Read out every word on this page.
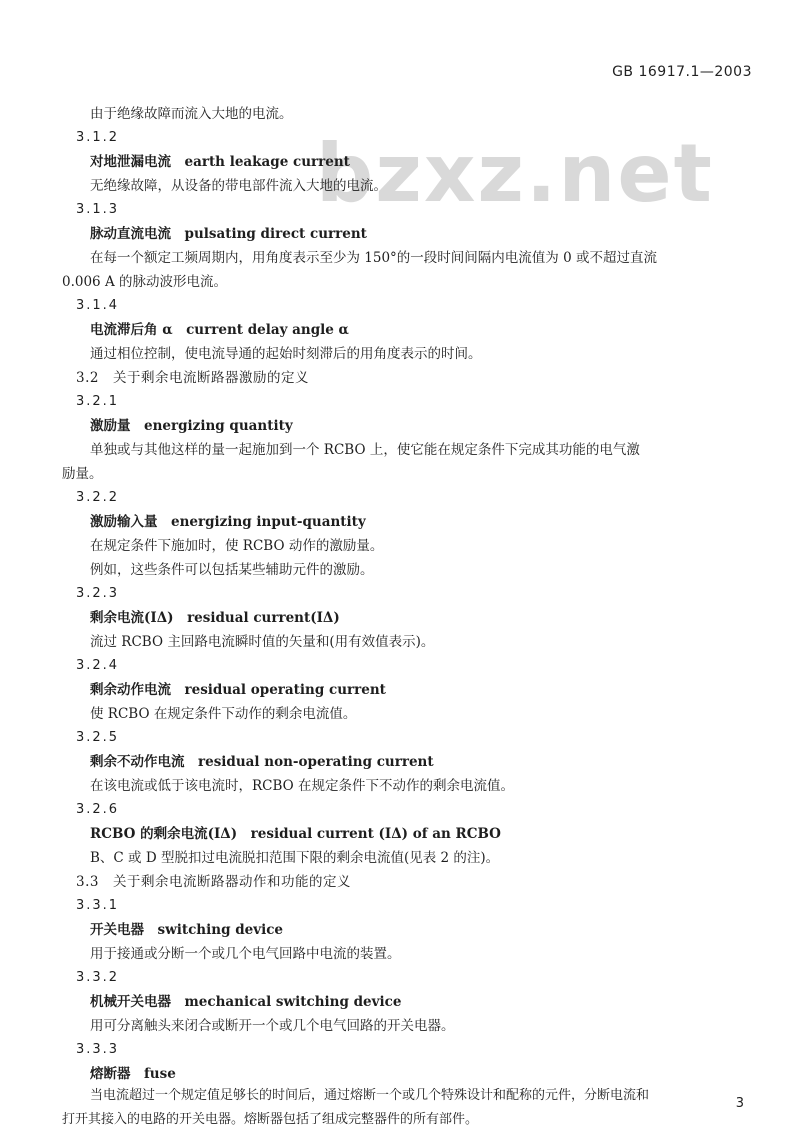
GB 16917.1—2003
bzxz.net
由于绝缘故障而流入大地的电流。
3.1.2
对地泄漏电流　earth leakage current
无绝缘故障，从设备的带电部件流入大地的电流。
3.1.3
脉动直流电流　pulsating direct current
在每一个额定工频周期内，用角度表示至少为 150°的一段时间间隔内电流值为 0 或不超过直流
0.006 A 的脉动波形电流。
3.1.4
电流滞后角 α　current delay angle α
通过相位控制，使电流导通的起始时刻滞后的用角度表示的时间。
3.2　关于剩余电流断路器激励的定义
3.2.1
激励量　energizing quantity
单独或与其他这样的量一起施加到一个 RCBO 上，使它能在规定条件下完成其功能的电气激
励量。
3.2.2
激励输入量　energizing input-quantity
在规定条件下施加时，使 RCBO 动作的激励量。
例如，这些条件可以包括某些辅助元件的激励。
3.2.3
剩余电流(IΔ)　residual current(IΔ)
流过 RCBO 主回路电流瞬时值的矢量和(用有效值表示)。
3.2.4
剩余动作电流　residual operating current
使 RCBO 在规定条件下动作的剩余电流值。
3.2.5
剩余不动作电流　residual non-operating current
在该电流或低于该电流时，RCBO 在规定条件下不动作的剩余电流值。
3.2.6
RCBO 的剩余电流(IΔ)　residual current (IΔ) of an RCBO
B、C 或 D 型脱扣过电流脱扣范围下限的剩余电流值(见表 2 的注)。
3.3　关于剩余电流断路器动作和功能的定义
3.3.1
开关电器　switching device
用于接通或分断一个或几个电气回路中电流的装置。
3.3.2
机械开关电器　mechanical switching device
用可分离触头来闭合或断开一个或几个电气回路的开关电器。
3.3.3
熔断器　fuse
当电流超过一个规定值足够长的时间后，通过熔断一个或几个特殊设计和配称的元件，分断电流和
打开其接入的电路的开关电器。熔断器包括了组成完整器件的所有部件。
3
